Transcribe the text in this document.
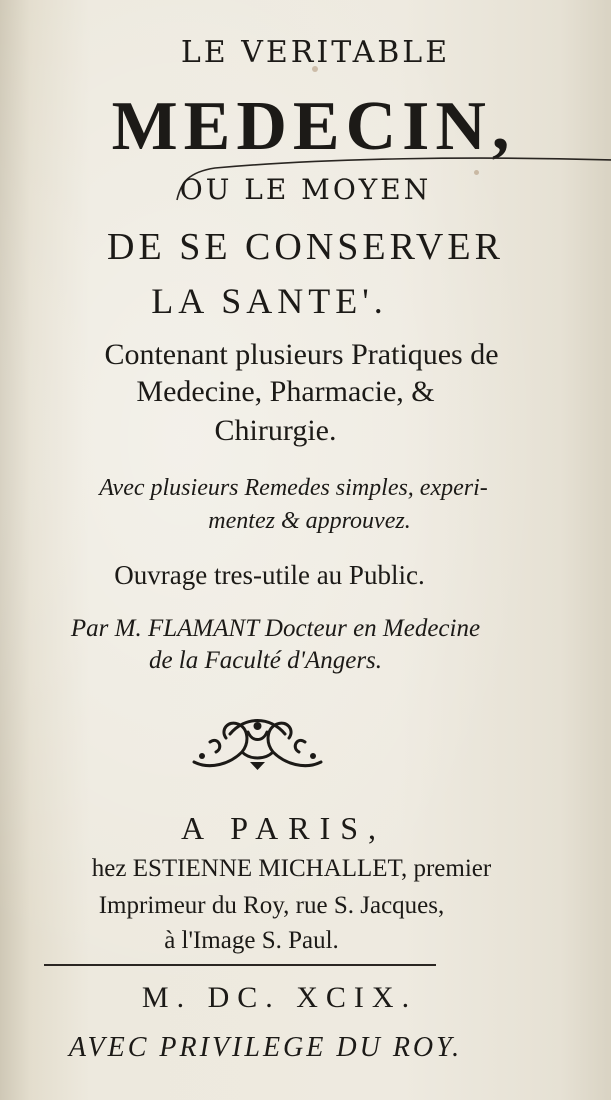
LE VERITABLE
MEDECIN,
OU LE MOYEN
DE SE CONSERVER
LA SANTE'.
Contenant plusieurs Pratiques de
Medecine, Pharmacie, &
Chirurgie.
Avec plusieurs Remedes simples, experi-
mentez & approuvez.
Ouvrage tres-utile au Public.
Par M. FLAMANT Docteur en Medecine
de la Faculté d'Angers.
A PARIS,
hez ESTIENNE MICHALLET, premier
Imprimeur du Roy, rue S. Jacques,
à l'Image S. Paul.
M. DC. XCIX.
AVEC PRIVILEGE DU ROY.
